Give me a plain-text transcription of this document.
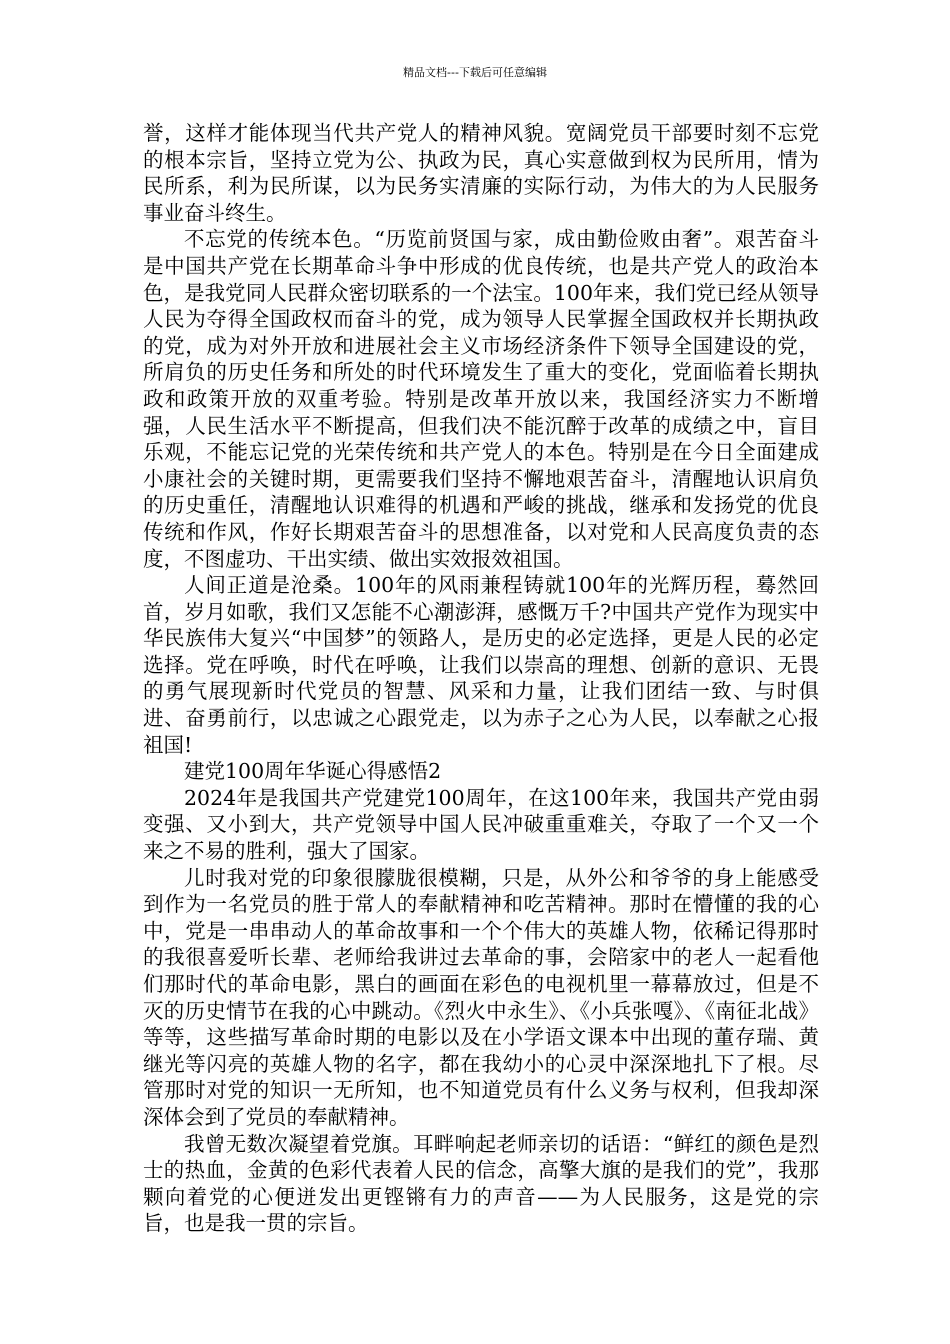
精品文档---下载后可任意编辑

誉，这样才能体现当代共产党人的精神风貌。宽阔党员干部要时刻不忘党的根本宗旨，坚持立党为公、执政为民，真心实意做到权为民所用，情为民所系，利为民所谋，以为民务实清廉的实际行动，为伟大的为人民服务事业奋斗终生。

不忘党的传统本色。“历览前贤国与家，成由勤俭败由奢”。艰苦奋斗是中国共产党在长期革命斗争中形成的优良传统，也是共产党人的政治本色，是我党同人民群众密切联系的一个法宝。100年来，我们党已经从领导人民为夺得全国政权而奋斗的党，成为领导人民掌握全国政权并长期执政的党，成为对外开放和进展社会主义市场经济条件下领导全国建设的党，所肩负的历史任务和所处的时代环境发生了重大的变化，党面临着长期执政和政策开放的双重考验。特别是改革开放以来，我国经济实力不断增强，人民生活水平不断提高，但我们决不能沉醉于改革的成绩之中，盲目乐观，不能忘记党的光荣传统和共产党人的本色。特别是在今日全面建成小康社会的关键时期，更需要我们坚持不懈地艰苦奋斗，清醒地认识肩负的历史重任，清醒地认识难得的机遇和严峻的挑战，继承和发扬党的优良传统和作风，作好长期艰苦奋斗的思想准备，以对党和人民高度负责的态度，不图虚功、干出实绩、做出实效报效祖国。

人间正道是沧桑。100年的风雨兼程铸就100年的光辉历程，蓦然回首，岁月如歌，我们又怎能不心潮澎湃，感慨万千?中国共产党作为现实中华民族伟大复兴“中国梦”的领路人，是历史的必定选择，更是人民的必定选择。党在呼唤，时代在呼唤，让我们以崇高的理想、创新的意识、无畏的勇气展现新时代党员的智慧、风采和力量，让我们团结一致、与时俱进、奋勇前行，以忠诚之心跟党走，以为赤子之心为人民，以奉献之心报祖国!

建党100周年华诞心得感悟2

2024年是我国共产党建党100周年，在这100年来，我国共产党由弱变强、又小到大，共产党领导中国人民冲破重重难关，夺取了一个又一个来之不易的胜利，强大了国家。

儿时我对党的印象很朦胧很模糊，只是，从外公和爷爷的身上能感受到作为一名党员的胜于常人的奉献精神和吃苦精神。那时在懵懂的我的心中，党是一串串动人的革命故事和一个个伟大的英雄人物，依稀记得那时的我很喜爱听长辈、老师给我讲过去革命的事，会陪家中的老人一起看他们那时代的革命电影，黑白的画面在彩色的电视机里一幕幕放过，但是不灭的历史情节在我的心中跳动。《烈火中永生》、《小兵张嘎》、《南征北战》等等，这些描写革命时期的电影以及在小学语文课本中出现的董存瑞、黄继光等闪亮的英雄人物的名字，都在我幼小的心灵中深深地扎下了根。尽管那时对党的知识一无所知，也不知道党员有什么义务与权利，但我却深深体会到了党员的奉献精神。

我曾无数次凝望着党旗。耳畔响起老师亲切的话语：“鲜红的颜色是烈士的热血，金黄的色彩代表着人民的信念，高擎大旗的是我们的党”，我那颗向着党的心便迸发出更铿锵有力的声音——为人民服务，这是党的宗旨，也是我一贯的宗旨。
